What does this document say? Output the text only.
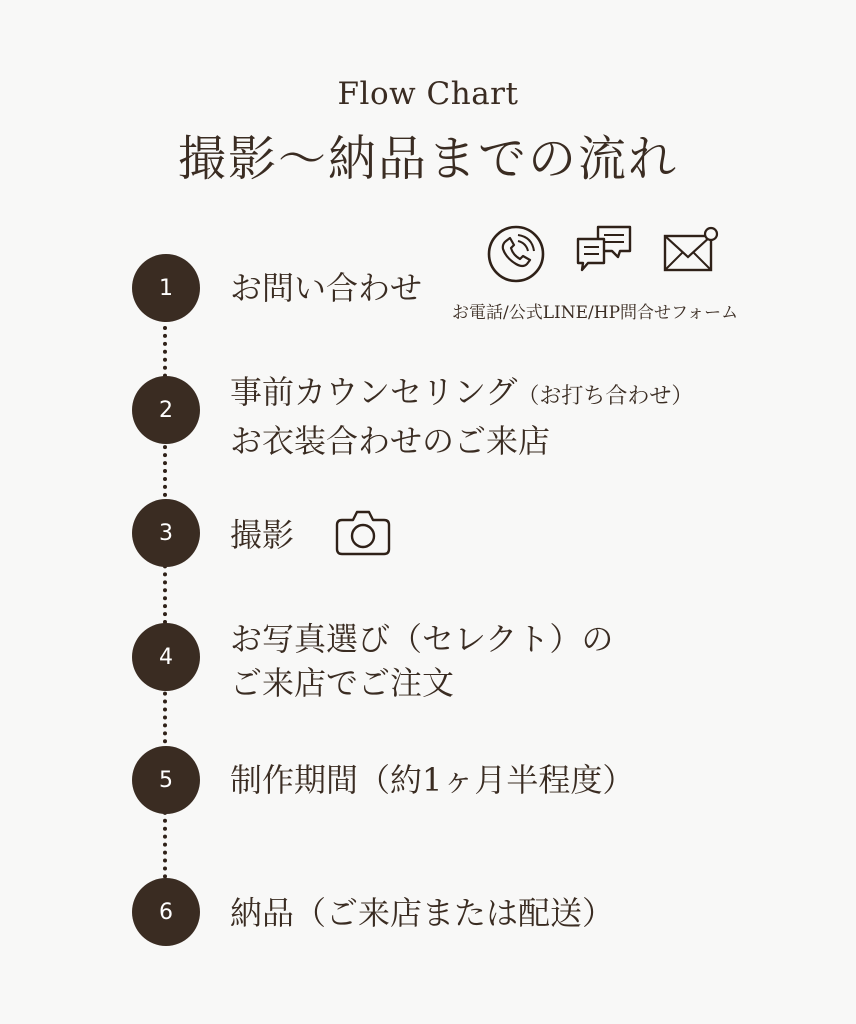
Flow Chart
撮影〜納品までの流れ
1	お問い合わせ
お電話/公式LINE/HP問合せフォーム
2	事前カウンセリング（お打ち合わせ）
お衣装合わせのご来店
3	撮影
4	お写真選び（セレクト）の
ご来店でご注文
5	制作期間（約1ヶ月半程度）
6	納品（ご来店または配送）
